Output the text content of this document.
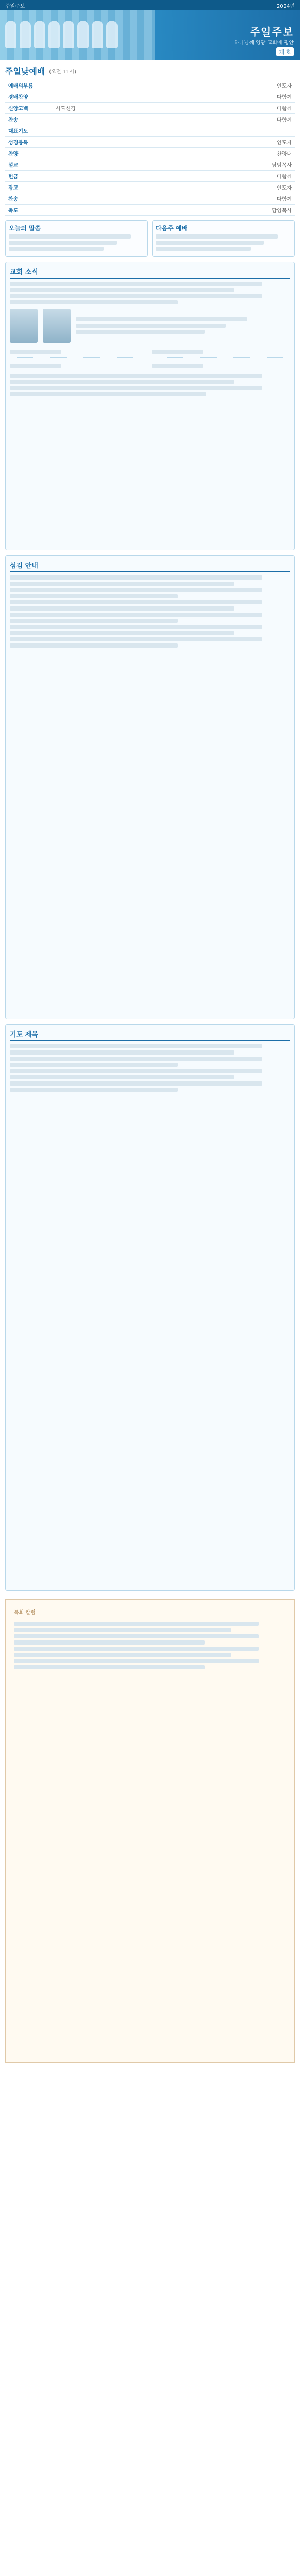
주일주보	2024년
주일주보
하나님께 영광 교회에 평안
제 호
주일낮예배 (오전 11시)
예배의부름		인도자
경배찬양		다함께
신앙고백	사도신경	다함께
찬송		다함께
대표기도		
성경봉독		인도자
찬양		찬양대
설교		담임목사
헌금		다함께
광고		인도자
찬송		다함께
축도		담임목사
오늘의 말씀	다음주 예배
교회 소식
섬김 안내
기도 제목
목회 칼럼
